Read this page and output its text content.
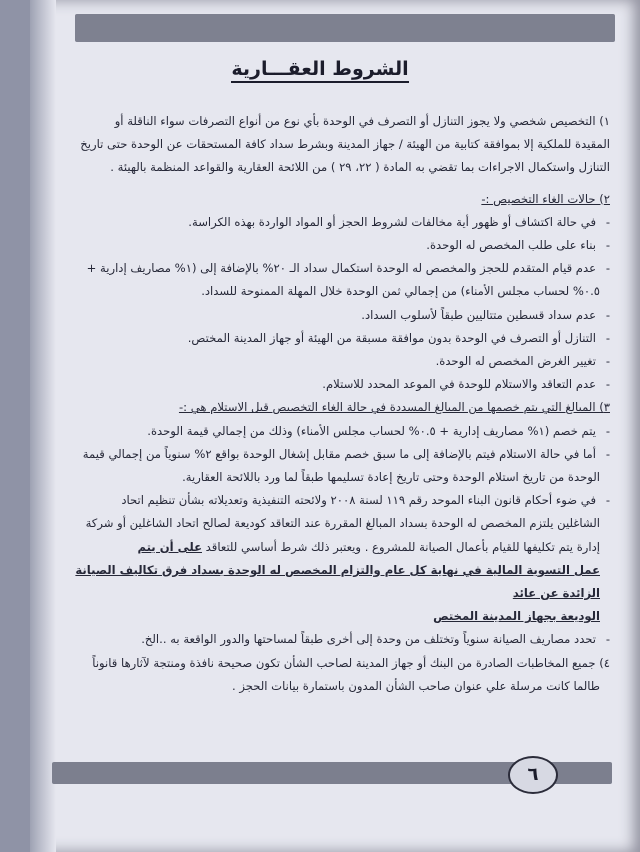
الشروط العقـــارية

١) التخصيص شخصي ولا يجوز التنازل أو التصرف في الوحدة بأي نوع من أنواع التصرفات سواء الناقلة أو

المقيدة للملكية إلا بموافقة كتابية من الهيئة / جهاز المدينة وبشرط سداد كافة المستحقات عن الوحدة حتى تاريخ

التنازل واستكمال الاجراءات بما تقضي به المادة ( ٢٢، ٢٩ ) من اللائحة العقارية والقواعد المنظمة بالهيئة .

٢) حالات الغاء التخصيص :-

- في حالة اكتشاف أو ظهور أية مخالفات لشروط الحجز أو المواد الواردة بهذه الكراسة.

- بناء على طلب المخصص له الوحدة.

- عدم قيام المتقدم للحجز والمخصص له الوحدة استكمال سداد الـ ٢٠% بالإضافة إلى (١% مصاريف إدارية +

٠.٥% لحساب مجلس الأمناء) من إجمالي ثمن الوحدة خلال المهلة الممنوحة للسداد.

- عدم سداد قسطين متتاليين طبقاً لأسلوب السداد.

- التنازل أو التصرف في الوحدة بدون موافقة مسبقة من الهيئة أو جهاز المدينة المختص.

- تغيير الغرض المخصص له الوحدة.

- عدم التعاقد والاستلام للوحدة في الموعد المحدد للاستلام.

٣) المبالغ التي يتم خصمها من المبالغ المسددة في حالة الغاء التخصيص قبل الاستلام هي :-

- يتم خصم (١% مصاريف إدارية + ٠.٥% لحساب مجلس الأمناء) وذلك من إجمالي قيمة الوحدة.

- أما في حالة الاستلام فيتم بالإضافة إلى ما سبق خصم مقابل إشغال الوحدة بواقع ٢% سنوياً من إجمالي قيمة

الوحدة من تاريخ استلام الوحدة وحتى تاريخ إعادة تسليمها طبقاً لما ورد باللائحة العقارية.

- في ضوء أحكام قانون البناء الموحد رقم ١١٩ لسنة ٢٠٠٨ ولائحته التنفيذية وتعديلاته بشأن تنظيم اتحاد

الشاغلين يلتزم المخصص له الوحدة بسداد المبالغ المقررة عند التعاقد كوديعة لصالح اتحاد الشاغلين أو شركة

إدارة يتم تكليفها للقيام بأعمال الصيانة للمشروع . ويعتبر ذلك شرط أساسي للتعاقد على أن يتم

عمل التسوية المالية في نهاية كل عام والتزام المخصص له الوحدة بسداد فرق تكاليف الصيانة الزائدة عن عائد

الوديعة بجهاز المدينة المختص

- تحدد مصاريف الصيانة سنوياً وتختلف من وحدة إلى أخرى طبقاً لمساحتها والدور الواقعة به ..الخ.

٤) جميع المخاطبات الصادرة من البنك أو جهاز المدينة لصاحب الشأن تكون صحيحة نافذة ومنتجة لآثارها قانوناً

طالما كانت مرسلة علي عنوان صاحب الشأن المدون باستمارة بيانات الحجز .

٦
